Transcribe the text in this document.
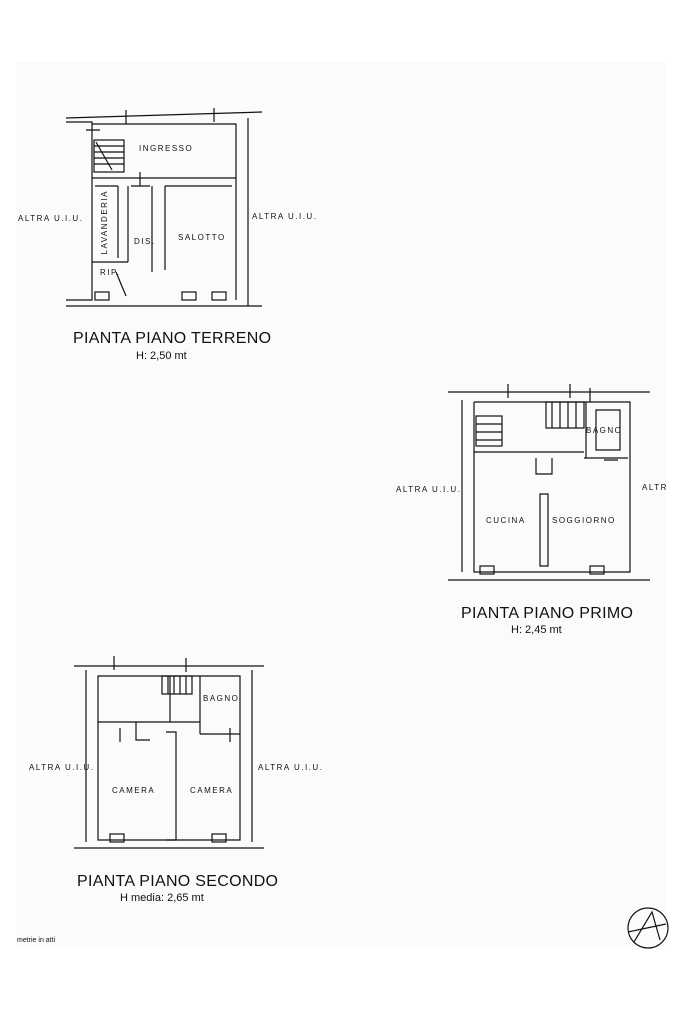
ALTRA U.I.U.	ALTRA U.I.U.
INGRESSO
LAVANDERIA	DIS.	SALOTTO
RIP.
PIANTA PIANO TERRENO
H: 2,50 mt
ALTRA U.I.U.	ALTR
BAGNO
CUCINA	SOGGIORNO
PIANTA PIANO PRIMO
H: 2,45 mt
ALTRA U.I.U.	ALTRA U.I.U.
BAGNO
CAMERA	CAMERA
PIANTA PIANO SECONDO
H media: 2,65 mt
metrie in atti
